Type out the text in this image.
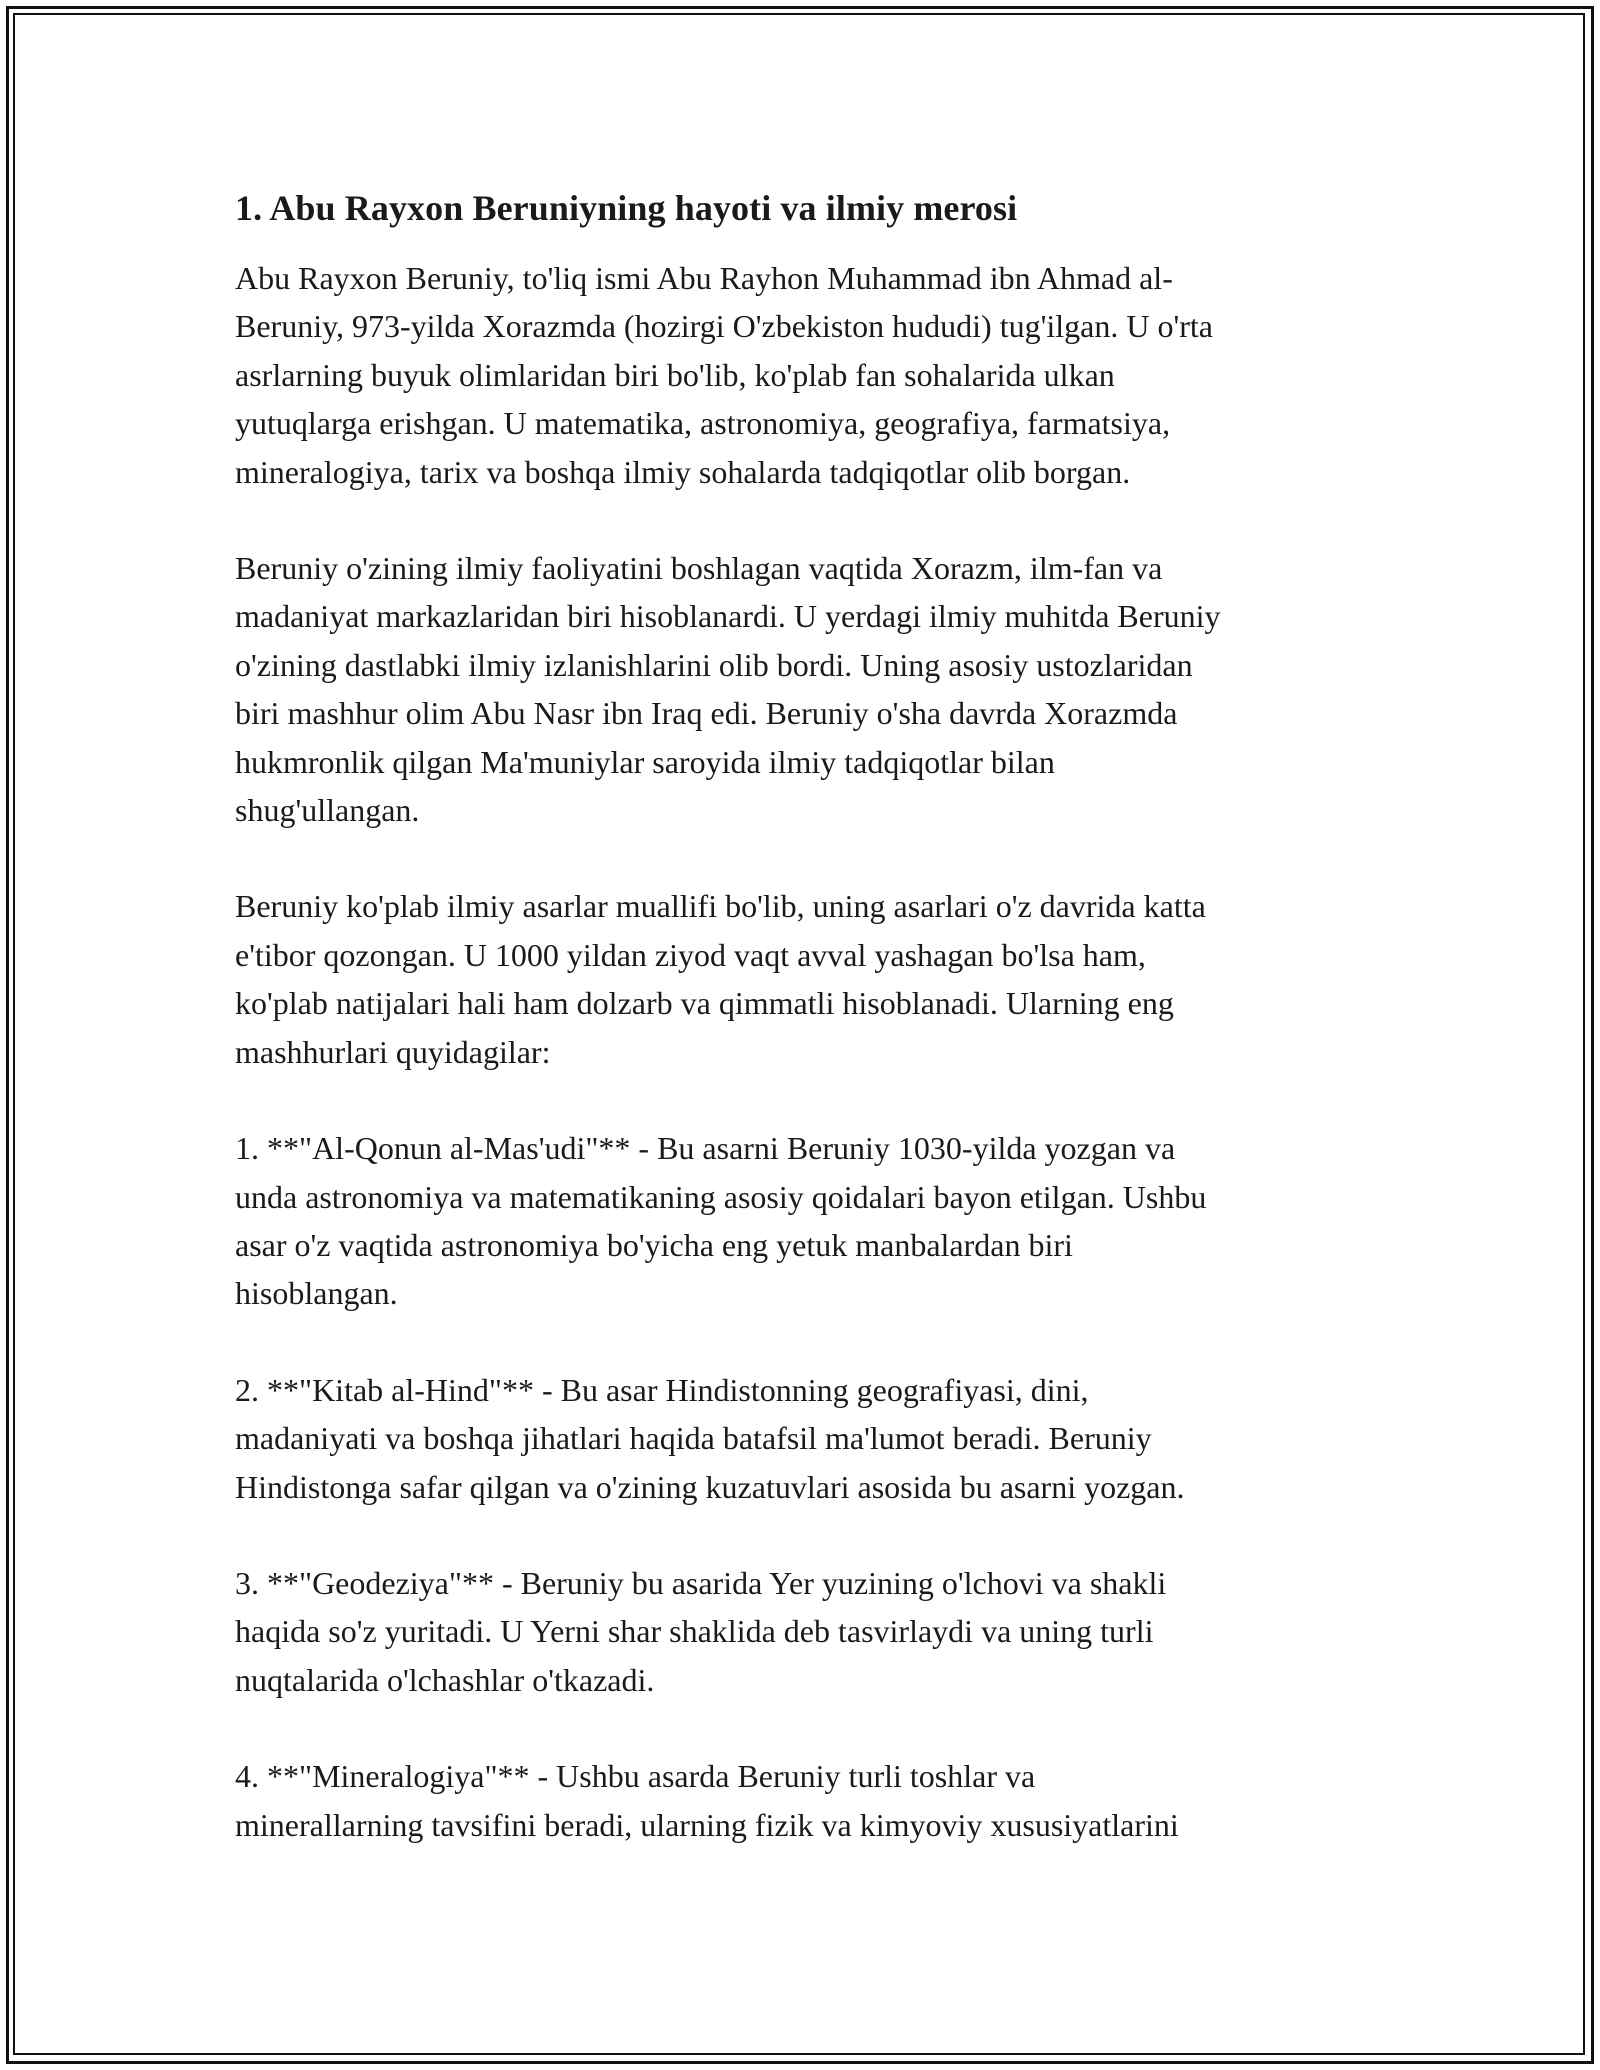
1. Abu Rayxon Beruniyning hayoti va ilmiy merosi

Abu Rayxon Beruniy, to'liq ismi Abu Rayhon Muhammad ibn Ahmad al-
Beruniy, 973-yilda Xorazmda (hozirgi O'zbekiston hududi) tug'ilgan. U o'rta
asrlarning buyuk olimlaridan biri bo'lib, ko'plab fan sohalarida ulkan
yutuqlarga erishgan. U matematika, astronomiya, geografiya, farmatsiya,
mineralogiya, tarix va boshqa ilmiy sohalarda tadqiqotlar olib borgan.

Beruniy o'zining ilmiy faoliyatini boshlagan vaqtida Xorazm, ilm-fan va
madaniyat markazlaridan biri hisoblanardi. U yerdagi ilmiy muhitda Beruniy
o'zining dastlabki ilmiy izlanishlarini olib bordi. Uning asosiy ustozlaridan
biri mashhur olim Abu Nasr ibn Iraq edi. Beruniy o'sha davrda Xorazmda
hukmronlik qilgan Ma'muniylar saroyida ilmiy tadqiqotlar bilan
shug'ullangan.

Beruniy ko'plab ilmiy asarlar muallifi bo'lib, uning asarlari o'z davrida katta
e'tibor qozongan. U 1000 yildan ziyod vaqt avval yashagan bo'lsa ham,
ko'plab natijalari hali ham dolzarb va qimmatli hisoblanadi. Ularning eng
mashhurlari quyidagilar:

1. **"Al-Qonun al-Mas'udi"** - Bu asarni Beruniy 1030-yilda yozgan va
unda astronomiya va matematikaning asosiy qoidalari bayon etilgan. Ushbu
asar o'z vaqtida astronomiya bo'yicha eng yetuk manbalardan biri
hisoblangan.

2. **"Kitab al-Hind"** - Bu asar Hindistonning geografiyasi, dini,
madaniyati va boshqa jihatlari haqida batafsil ma'lumot beradi. Beruniy
Hindistonga safar qilgan va o'zining kuzatuvlari asosida bu asarni yozgan.

3. **"Geodeziya"** - Beruniy bu asarida Yer yuzining o'lchovi va shakli
haqida so'z yuritadi. U Yerni shar shaklida deb tasvirlaydi va uning turli
nuqtalarida o'lchashlar o'tkazadi.

4. **"Mineralogiya"** - Ushbu asarda Beruniy turli toshlar va
minerallarning tavsifini beradi, ularning fizik va kimyoviy xususiyatlarini
